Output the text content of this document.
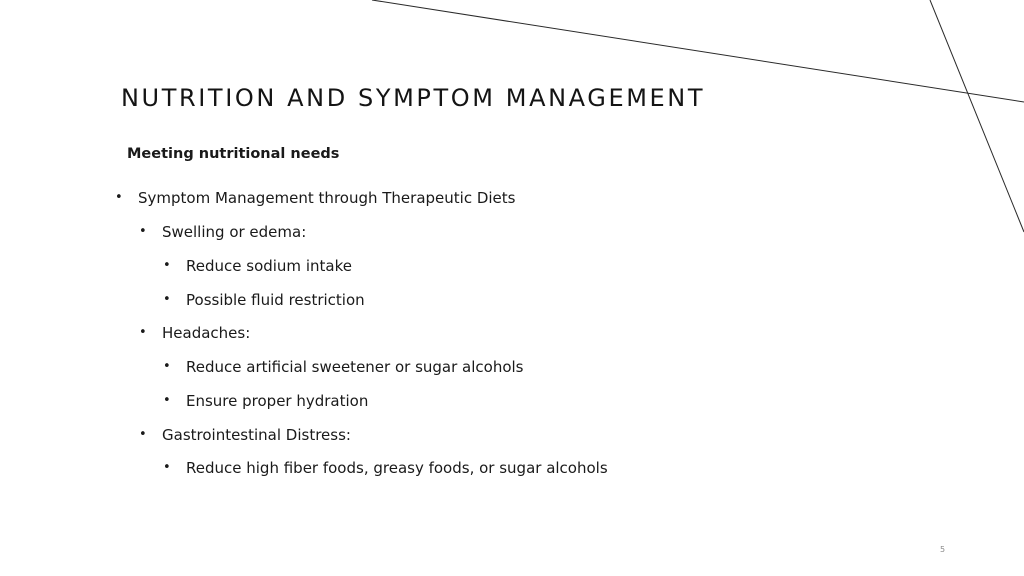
NUTRITION AND SYMPTOM MANAGEMENT
Meeting nutritional needs
• Symptom Management through Therapeutic Diets
• Swelling or edema:
• Reduce sodium intake
• Possible fluid restriction
• Headaches:
• Reduce artificial sweetener or sugar alcohols
• Ensure proper hydration
• Gastrointestinal Distress:
• Reduce high fiber foods, greasy foods, or sugar alcohols
5
